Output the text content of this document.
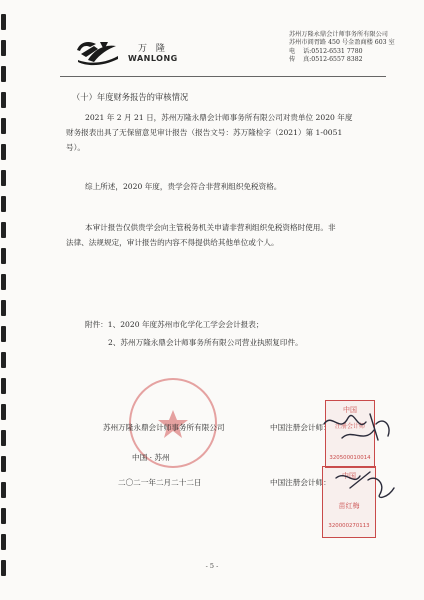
万 隆
WANLONG
苏州万隆永鼎会计师事务所有限公司
苏州市阊胥路 450 号金盈商楼 603 室
电 话:0512-6531 7780
传 真:0512-6557 8382
（十）年度财务报告的审核情况
2021 年 2 月 21 日，苏州万隆永鼎会计师事务所有限公司对贵单位 2020 年度
财务报表出具了无保留意见审计报告（报告文号：苏万隆检字（2021）第 1-0051
号）。
综上所述，2020 年度，贵学会符合非营利组织免税资格。
本审计报告仅供贵学会向主管税务机关申请非营利组织免税资格时使用。非
法律、法规规定，审计报告的内容不得提供给其他单位或个人。
附件：1、2020 年度苏州市化学化工学会会计报表；
2、苏州万隆永鼎会计师事务所有限公司营业执照复印件。
苏州万隆永鼎会计师事务所有限公司
中国 · 苏州
二〇二一年二月二十二日
中国注册会计师：
中国注册会计师：
中国
注册会计师
320500010014
中国
苗红梅
320000270113
- 5 -
